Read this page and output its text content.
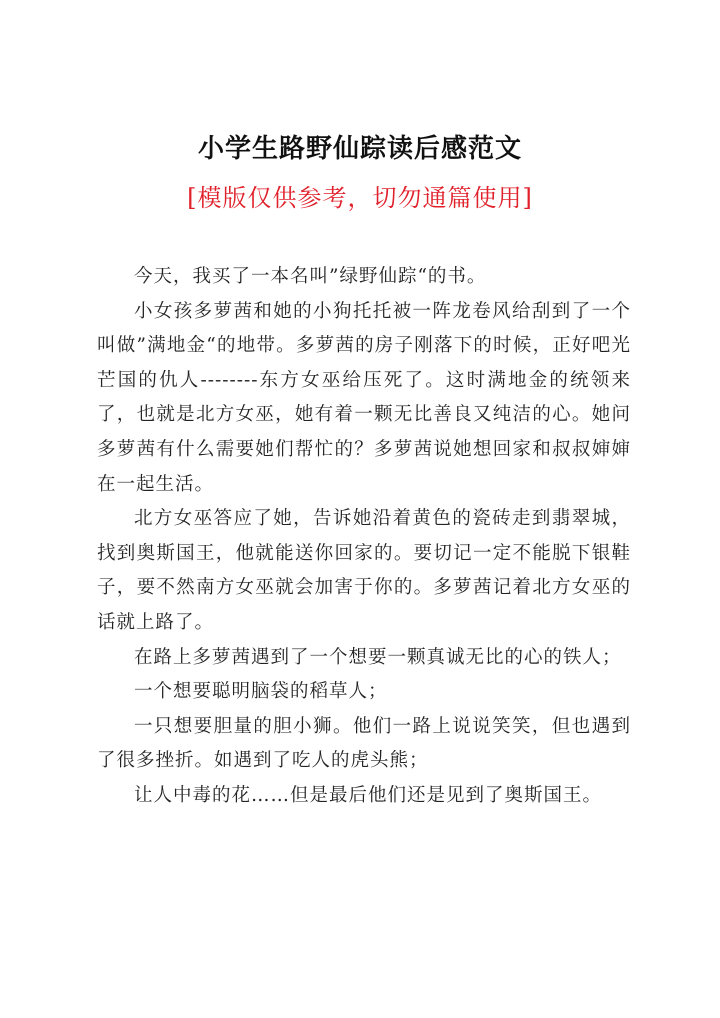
小学生路野仙踪读后感范文
[模版仅供参考，切勿通篇使用]

今天，我买了一本名叫”绿野仙踪“的书。

小女孩多萝茜和她的小狗托托被一阵龙卷风给刮到了一个叫做”满地金“的地带。多萝茜的房子刚落下的时候，正好吧光芒国的仇人--------东方女巫给压死了。这时满地金的统领来了，也就是北方女巫，她有着一颗无比善良又纯洁的心。她问多萝茜有什么需要她们帮忙的？多萝茜说她想回家和叔叔婶婶在一起生活。

北方女巫答应了她，告诉她沿着黄色的瓷砖走到翡翠城，找到奥斯国王，他就能送你回家的。要切记一定不能脱下银鞋子，要不然南方女巫就会加害于你的。多萝茜记着北方女巫的话就上路了。

在路上多萝茜遇到了一个想要一颗真诚无比的心的铁人；

一个想要聪明脑袋的稻草人；

一只想要胆量的胆小狮。他们一路上说说笑笑，但也遇到了很多挫折。如遇到了吃人的虎头熊；

让人中毒的花……但是最后他们还是见到了奥斯国王。
